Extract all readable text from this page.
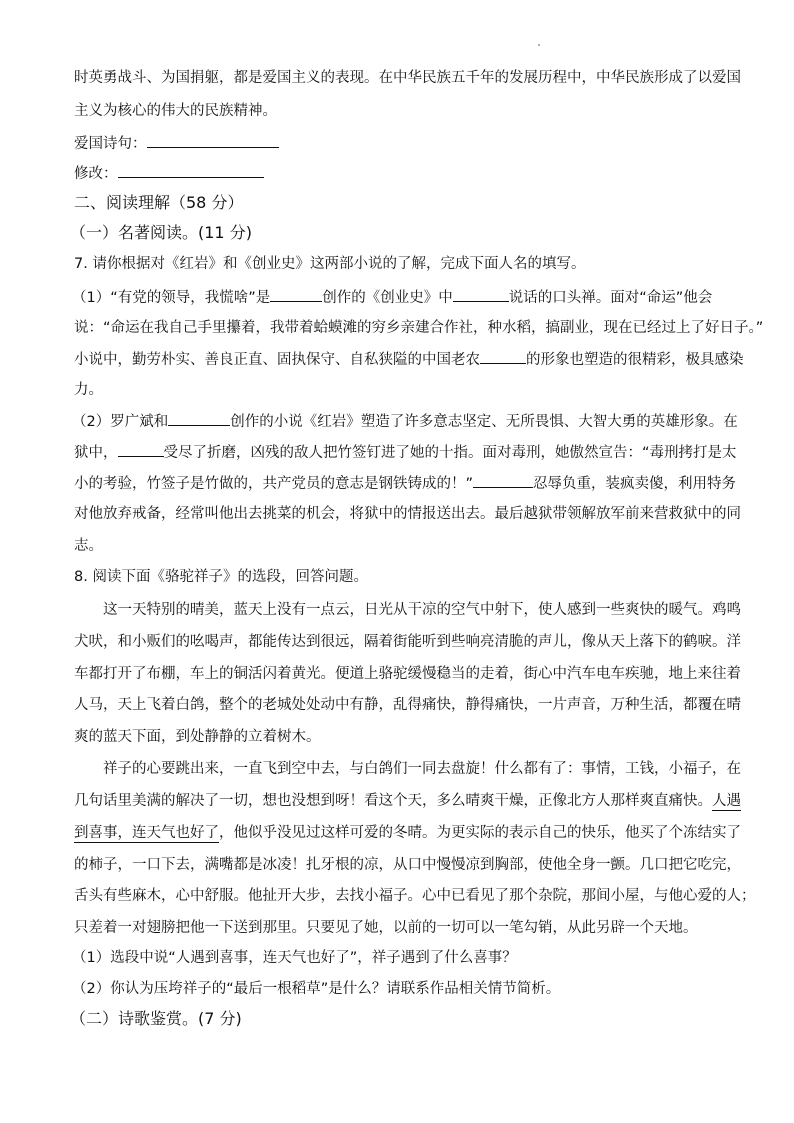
时英勇战斗、为国捐躯，都是爱国主义的表现。在中华民族五千年的发展历程中，中华民族形成了以爱国
主义为核心的伟大的民族精神。
爱国诗句：
修改：
二、阅读理解（58 分）
（一）名著阅读。(11 分)
7. 请你根据对《红岩》和《创业史》这两部小说的了解，完成下面人名的填写。
（1）“有党的领导，我慌啥”是	创作的《创业史》中	说话的口头禅。面对“命运”他会
说：“命运在我自己手里攥着，我带着蛤蟆滩的穷乡亲建合作社，种水稻，搞副业，现在已经过上了好日子。”
小说中，勤劳朴实、善良正直、固执保守、自私狭隘的中国老农	的形象也塑造的很精彩，极具感染
力。
（2）罗广斌和	创作的小说《红岩》塑造了许多意志坚定、无所畏惧、大智大勇的英雄形象。在
狱中，	受尽了折磨，凶残的敌人把竹签钉进了她的十指。面对毒刑，她傲然宣告：“毒刑拷打是太
小的考验，竹签子是竹做的，共产党员的意志是钢铁铸成的！”	忍辱负重，装疯卖傻，利用特务
对他放弃戒备，经常叫他出去挑菜的机会，将狱中的情报送出去。最后越狱带领解放军前来营救狱中的同
志。
8. 阅读下面《骆驼祥子》的选段，回答问题。
这一天特别的晴美，蓝天上没有一点云，日光从干凉的空气中射下，使人感到一些爽快的暖气。鸡鸣
犬吠，和小贩们的吆喝声，都能传达到很远，隔着街能听到些响亮清脆的声儿，像从天上落下的鹤唳。洋
车都打开了布棚，车上的铜活闪着黄光。便道上骆驼缓慢稳当的走着，街心中汽车电车疾驰，地上来往着
人马，天上飞着白鸽，整个的老城处处动中有静，乱得痛快，静得痛快，一片声音，万种生活，都覆在晴
爽的蓝天下面，到处静静的立着树木。
祥子的心要跳出来，一直飞到空中去，与白鸽们一同去盘旋！什么都有了：事情，工钱，小福子，在
几句话里美满的解决了一切，想也没想到呀！看这个天，多么晴爽干燥，正像北方人那样爽直痛快。人遇
到喜事，连天气也好了，他似乎没见过这样可爱的冬晴。为更实际的表示自己的快乐，他买了个冻结实了
的柿子，一口下去，满嘴都是冰凌！扎牙根的凉，从口中慢慢凉到胸部，使他全身一颤。几口把它吃完，
舌头有些麻木，心中舒服。他扯开大步，去找小福子。心中已看见了那个杂院，那间小屋，与他心爱的人；
只差着一对翅膀把他一下送到那里。只要见了她，以前的一切可以一笔勾销，从此另辟一个天地。
（1）选段中说“人遇到喜事，连天气也好了”，祥子遇到了什么喜事？
（2）你认为压垮祥子的“最后一根稻草”是什么？请联系作品相关情节简析。
（二）诗歌鉴赏。(7 分)
